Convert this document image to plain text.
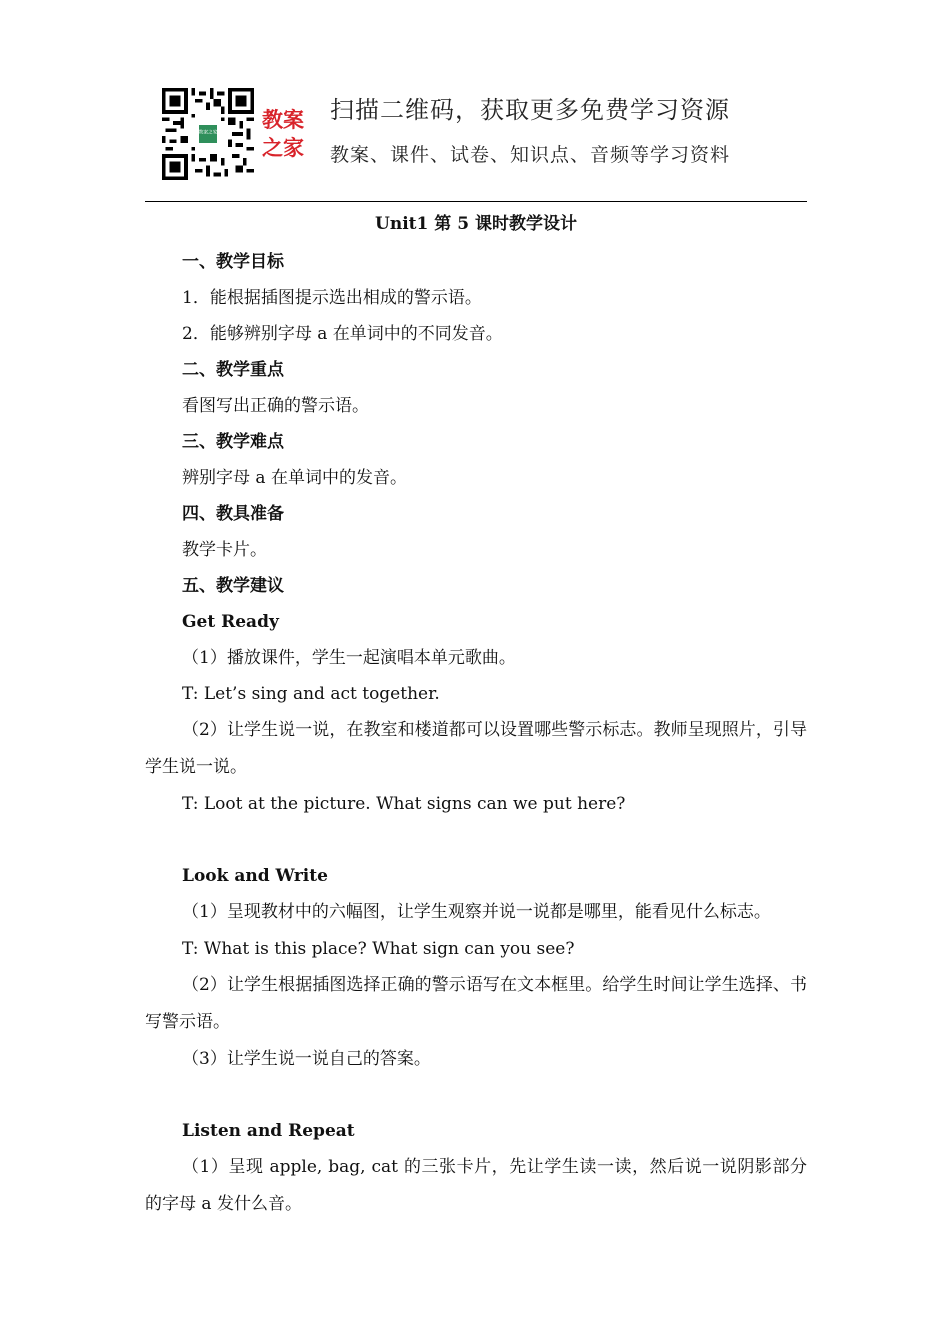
教案之家
教案
之家
扫描二维码，获取更多免费学习资源
教案、课件、试卷、知识点、音频等学习资料
Unit1 第 5 课时教学设计
一、教学目标
1．能根据插图提示选出相成的警示语。
2．能够辨别字母 a 在单词中的不同发音。
二、教学重点
看图写出正确的警示语。
三、教学难点
辨别字母 a 在单词中的发音。
四、教具准备
教学卡片。
五、教学建议
Get Ready
（1）播放课件，学生一起演唱本单元歌曲。
T: Let’s sing and act together.
（2）让学生说一说，在教室和楼道都可以设置哪些警示标志。教师呈现照片，引导学生说一说。
T: Loot at the picture. What signs can we put here?
Look and Write
（1）呈现教材中的六幅图，让学生观察并说一说都是哪里，能看见什么标志。
T: What is this place? What sign can you see?
（2）让学生根据插图选择正确的警示语写在文本框里。给学生时间让学生选择、书写警示语。
（3）让学生说一说自己的答案。
Listen and Repeat
（1）呈现 apple, bag, cat 的三张卡片，先让学生读一读，然后说一说阴影部分的字母 a 发什么音。
